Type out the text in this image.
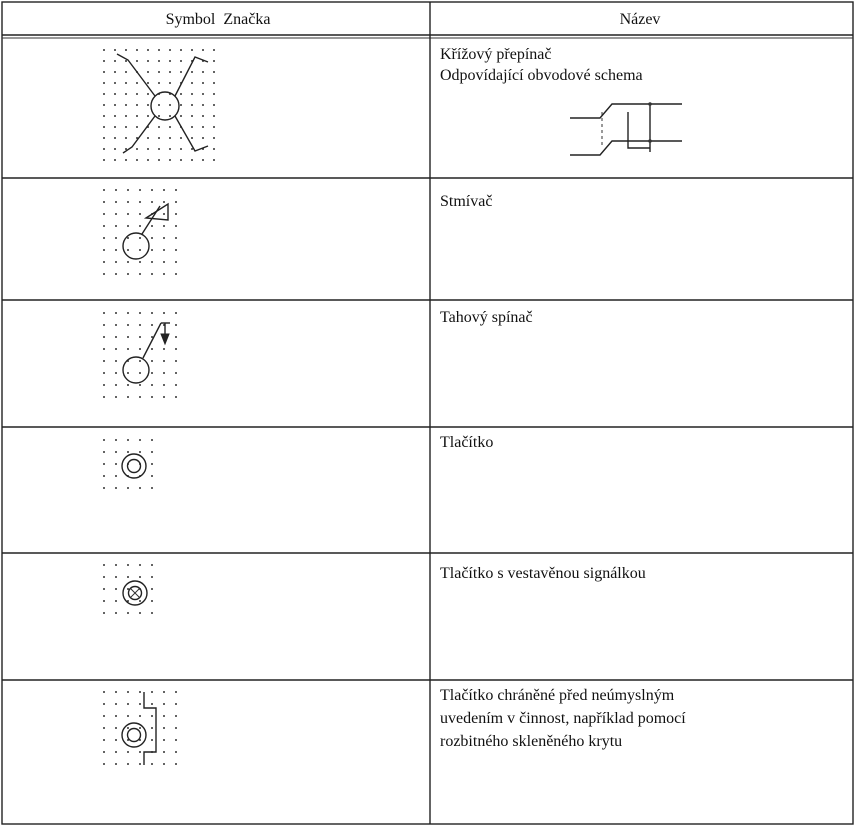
Symbol  Značka	Název
Křížový přepínač
Odpovídající obvodové schema
Stmívač
Tahový spínač
Tlačítko
Tlačítko s vestavěnou signálkou
Tlačítko chráněné před neúmyslným
uvedením v činnost, například pomocí
rozbitného skleněného krytu
